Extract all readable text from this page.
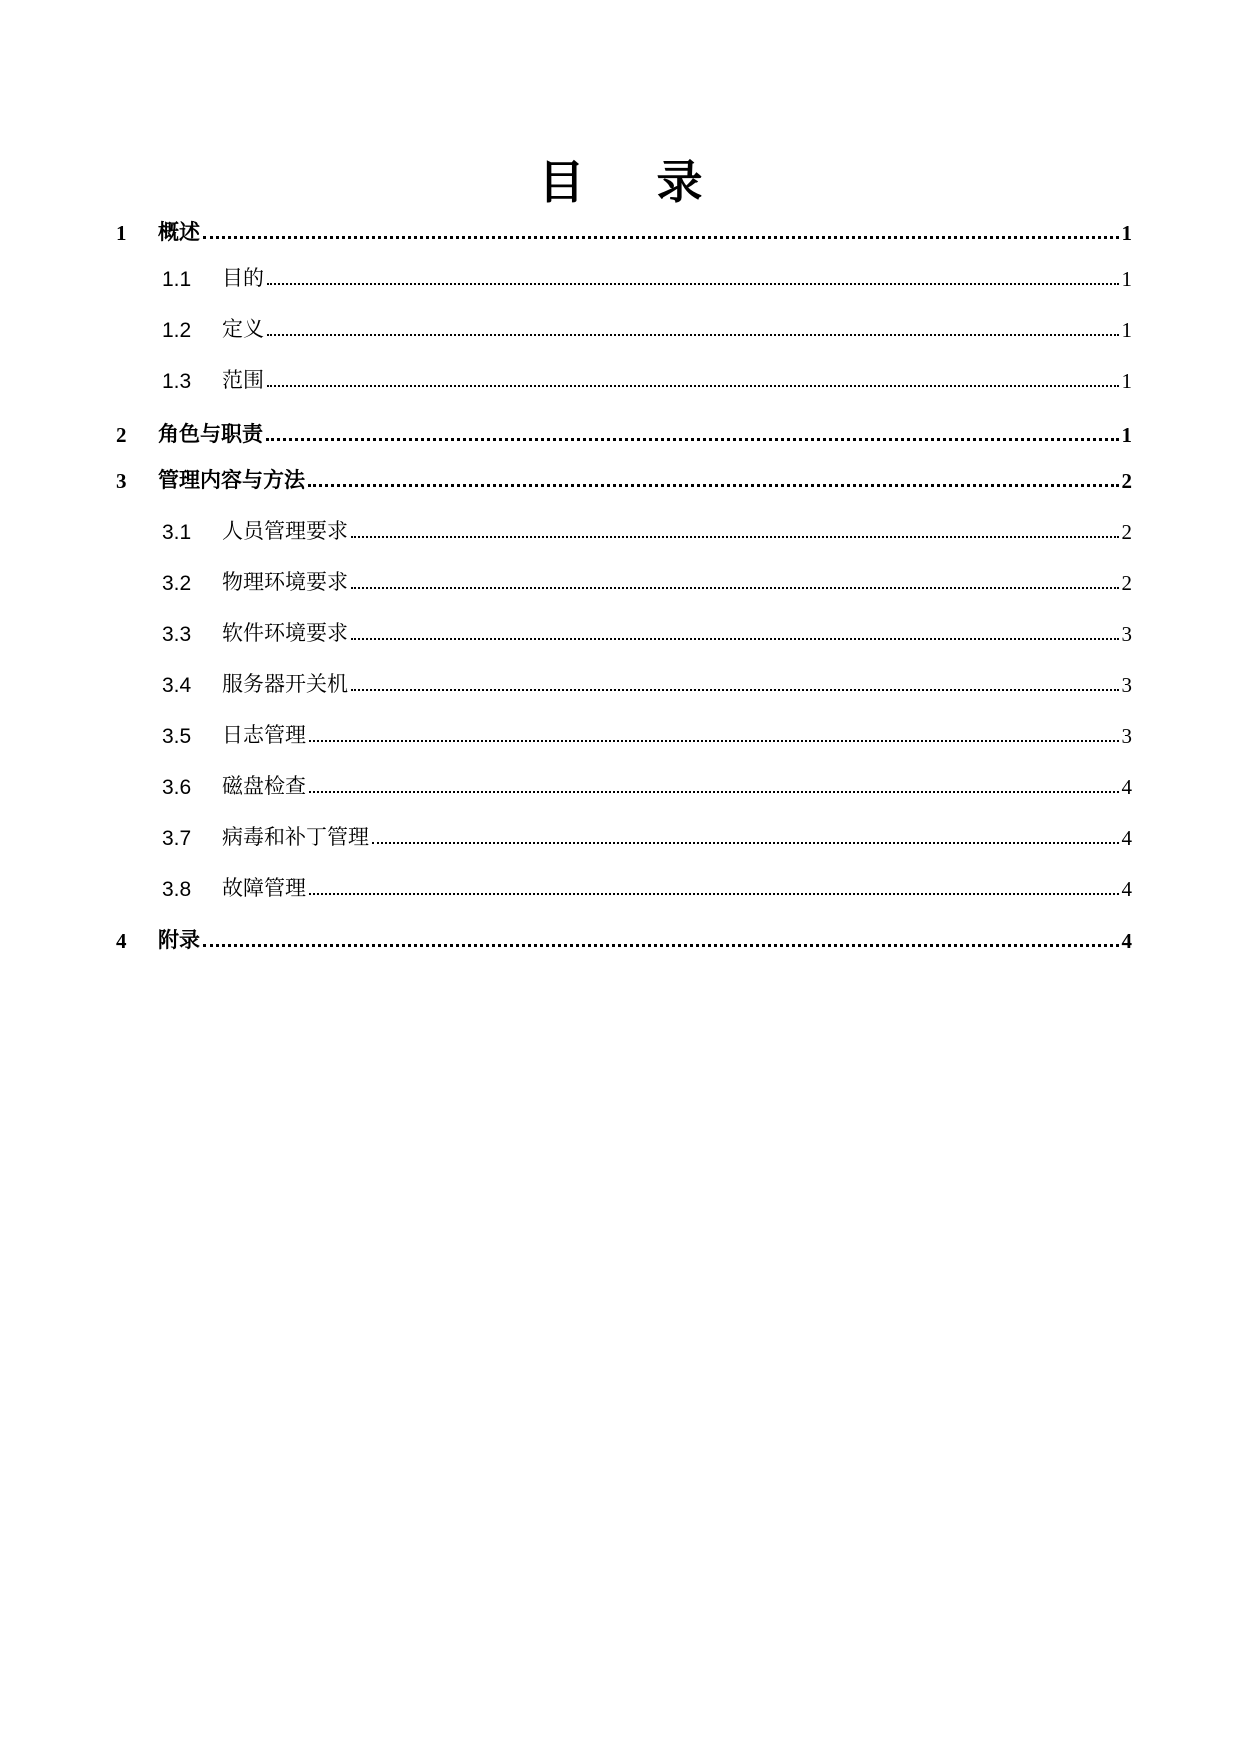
目 录
1	概述	1
1.1	目的	1
1.2	定义	1
1.3	范围	1
2	角色与职责	1
3	管理内容与方法	2
3.1	人员管理要求	2
3.2	物理环境要求	2
3.3	软件环境要求	3
3.4	服务器开关机	3
3.5	日志管理	3
3.6	磁盘检查	4
3.7	病毒和补丁管理	4
3.8	故障管理	4
4	附录	4
